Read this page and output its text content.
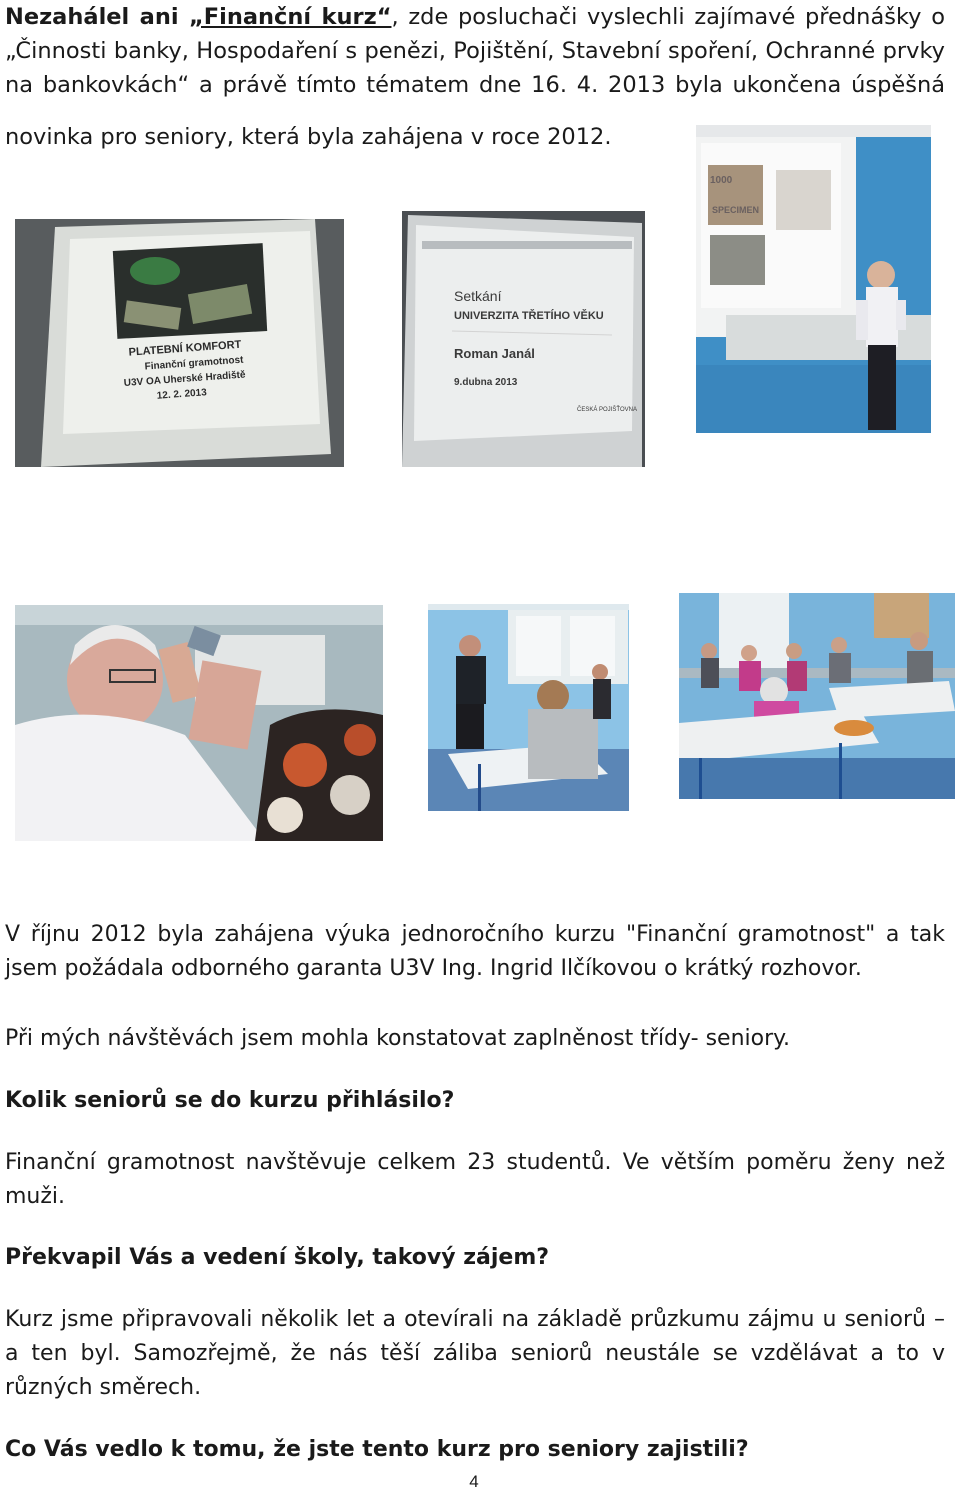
Nezahálel ani „Finanční kurz“, zde posluchači vyslechli zajímavé přednášky o
„Činnosti banky, Hospodaření s penězi, Pojištění, Stavební spoření, Ochranné prvky
na bankovkách“ a právě tímto tématem dne 16. 4. 2013 byla ukončena úspěšná
novinka pro seniory, která byla zahájena v roce 2012.
PLATEBNÍ KOMFORT
Finanční gramotnost
U3V OA Uherské Hradiště
12. 2. 2013
Setkání
UNIVERZITA TŘETÍHO VĚKU
Roman Janál
9.dubna 2013
ČESKÁ POJIŠŤOVNA
1000
SPECIMEN

V říjnu 2012 byla zahájena výuka jednoročního kurzu "Finanční gramotnost" a tak jsem požádala odborného garanta U3V Ing. Ingrid Ilčíkovou o krátký rozhovor.

Při mých návštěvách jsem mohla konstatovat zaplněnost třídy- seniory.

Kolik seniorů se do kurzu přihlásilo?

Finanční gramotnost navštěvuje celkem 23 studentů. Ve větším poměru ženy než muži.

Překvapil Vás a vedení školy, takový zájem?

Kurz jsme připravovali několik let a otevírali na základě průzkumu zájmu u seniorů – a ten byl. Samozřejmě, že nás těší záliba seniorů neustále se vzdělávat a to v různých směrech.

Co Vás vedlo k tomu, že jste tento kurz pro seniory zajistili?

4
